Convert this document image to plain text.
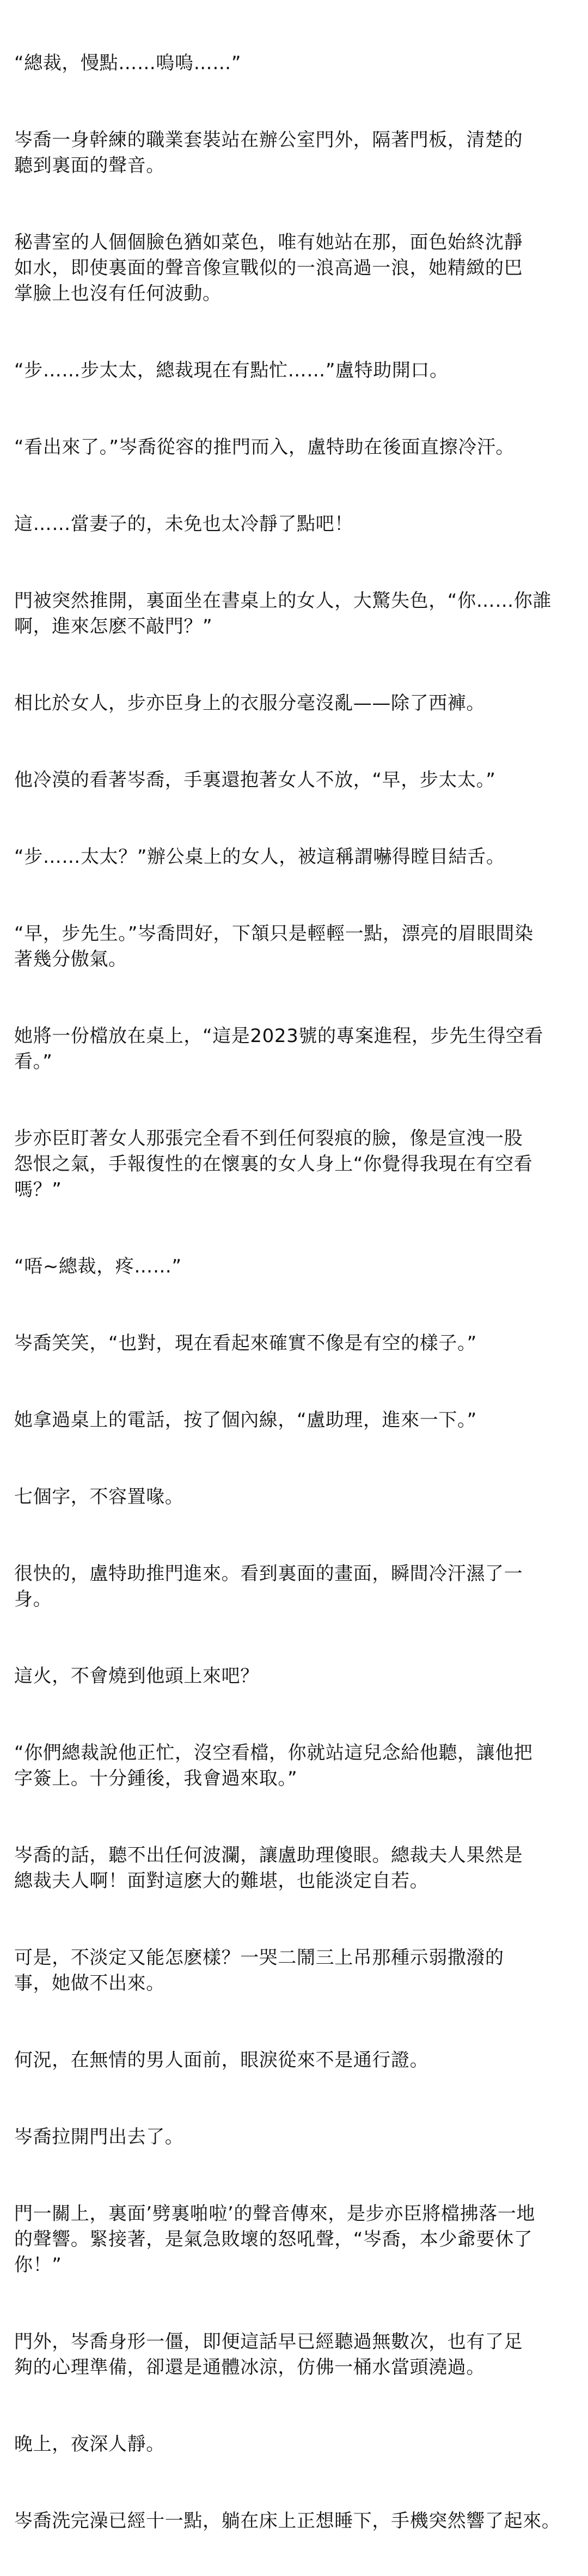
“總裁，慢點……嗚嗚……”

岑喬一身幹練的職業套裝站在辦公室門外，隔著門板，清楚的
聽到裏面的聲音。

秘書室的人個個臉色猶如菜色，唯有她站在那，面色始終沈靜
如水，即使裏面的聲音像宣戰似的一浪高過一浪，她精緻的巴
掌臉上也沒有任何波動。

“步……步太太，總裁現在有點忙……”盧特助開口。

“看出來了。”岑喬從容的推門而入，盧特助在後面直擦冷汗。

這……當妻子的，未免也太冷靜了點吧！

門被突然推開，裏面坐在書桌上的女人，大驚失色，“你……你誰
啊，進來怎麽不敲門？”

相比於女人，步亦臣身上的衣服分毫沒亂——除了西褲。

他冷漠的看著岑喬，手裏還抱著女人不放，“早，步太太。”

“步……太太？”辦公桌上的女人，被這稱謂嚇得瞠目結舌。

“早，步先生。”岑喬問好，下頷只是輕輕一點，漂亮的眉眼間染
著幾分傲氣。

她將一份檔放在桌上，“這是2023號的專案進程，步先生得空看
看。”

步亦臣盯著女人那張完全看不到任何裂痕的臉，像是宣洩一股
怨恨之氣，手報復性的在懷裏的女人身上“你覺得我現在有空看
嗎？”

“唔~總裁，疼……”

岑喬笑笑，“也對，現在看起來確實不像是有空的樣子。”

她拿過桌上的電話，按了個內線，“盧助理，進來一下。”

七個字，不容置喙。

很快的，盧特助推門進來。看到裏面的畫面，瞬間冷汗濕了一
身。

這火，不會燒到他頭上來吧？

“你們總裁說他正忙，沒空看檔，你就站這兒念給他聽，讓他把
字簽上。十分鍾後，我會過來取。”

岑喬的話，聽不出任何波瀾，讓盧助理傻眼。總裁夫人果然是
總裁夫人啊！面對這麽大的難堪，也能淡定自若。

可是，不淡定又能怎麽樣？一哭二鬧三上吊那種示弱撒潑的
事，她做不出來。

何況，在無情的男人面前，眼淚從來不是通行證。

岑喬拉開門出去了。

門一關上，裏面’劈裏啪啦’的聲音傳來，是步亦臣將檔拂落一地
的聲響。緊接著，是氣急敗壞的怒吼聲，“岑喬，本少爺要休了
你！”

門外，岑喬身形一僵，即便這話早已經聽過無數次，也有了足
夠的心理準備，卻還是通體冰涼，仿佛一桶水當頭澆過。

晚上，夜深人靜。

岑喬洗完澡已經十一點，躺在床上正想睡下，手機突然響了起來。
